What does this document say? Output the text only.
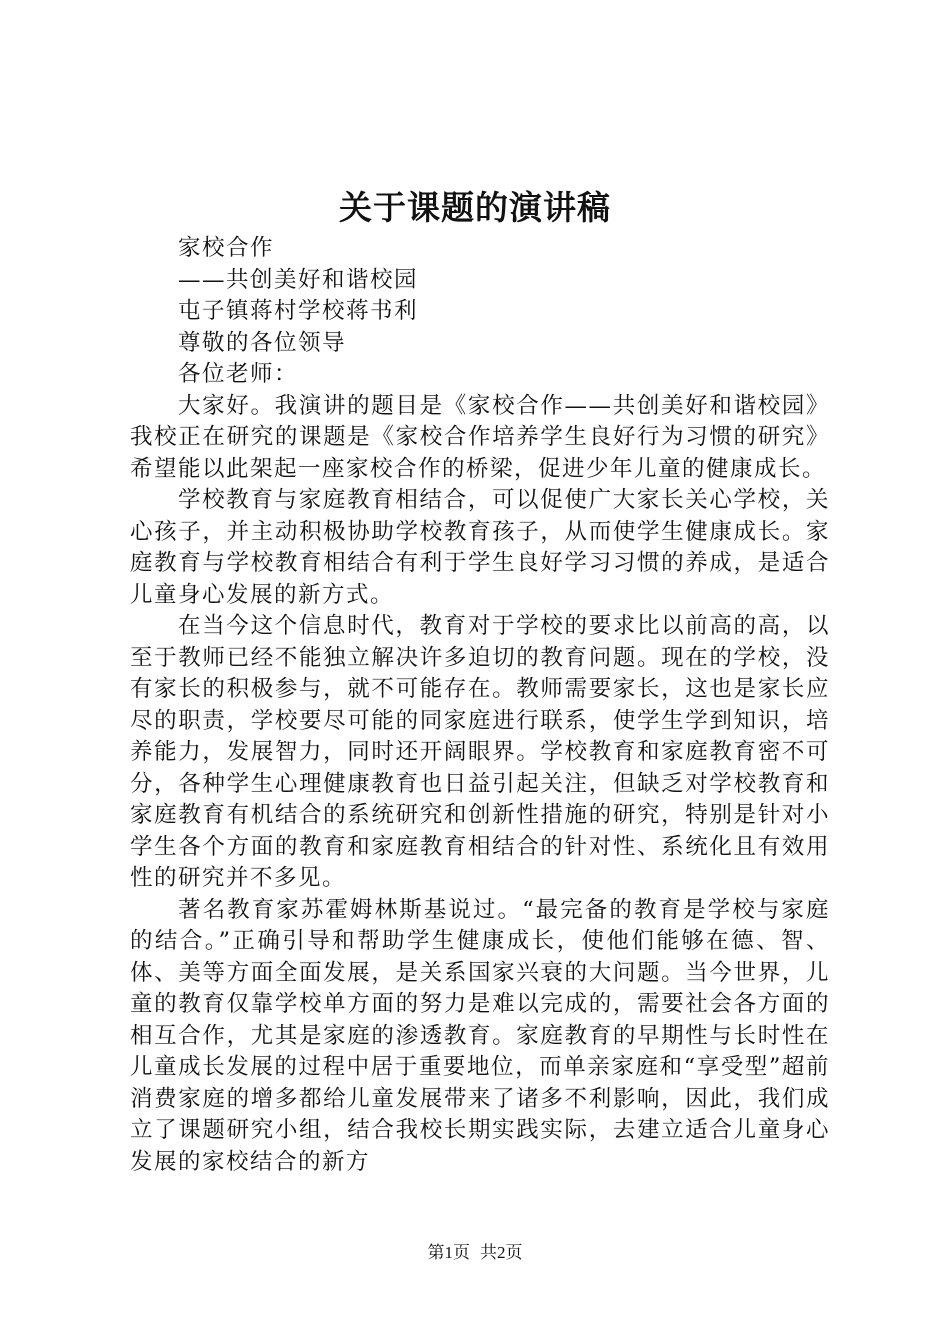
关于课题的演讲稿

家校合作

——共创美好和谐校园

屯子镇蒋村学校蒋书利

尊敬的各位领导

各位老师：

大家好。我演讲的题目是《家校合作——共创美好和谐校园》我校正在研究的课题是《家校合作培养学生良好行为习惯的研究》希望能以此架起一座家校合作的桥梁，促进少年儿童的健康成长。

学校教育与家庭教育相结合，可以促使广大家长关心学校，关心孩子，并主动积极协助学校教育孩子，从而使学生健康成长。家庭教育与学校教育相结合有利于学生良好学习习惯的养成，是适合儿童身心发展的新方式。

在当今这个信息时代，教育对于学校的要求比以前高的高，以至于教师已经不能独立解决许多迫切的教育问题。现在的学校，没有家长的积极参与，就不可能存在。教师需要家长，这也是家长应尽的职责，学校要尽可能的同家庭进行联系，使学生学到知识，培养能力，发展智力，同时还开阔眼界。学校教育和家庭教育密不可分，各种学生心理健康教育也日益引起关注，但缺乏对学校教育和家庭教育有机结合的系统研究和创新性措施的研究，特别是针对小学生各个方面的教育和家庭教育相结合的针对性、系统化且有效用性的研究并不多见。

著名教育家苏霍姆林斯基说过。“最完备的教育是学校与家庭的结合。”正确引导和帮助学生健康成长，使他们能够在德、智、体、美等方面全面发展，是关系国家兴衰的大问题。当今世界，儿童的教育仅靠学校单方面的努力是难以完成的，需要社会各方面的相互合作，尤其是家庭的渗透教育。家庭教育的早期性与长时性在儿童成长发展的过程中居于重要地位，而单亲家庭和“享受型”超前消费家庭的增多都给儿童发展带来了诸多不利影响，因此，我们成立了课题研究小组，结合我校长期实践实际，去建立适合儿童身心发展的家校结合的新方

第1页 共2页
